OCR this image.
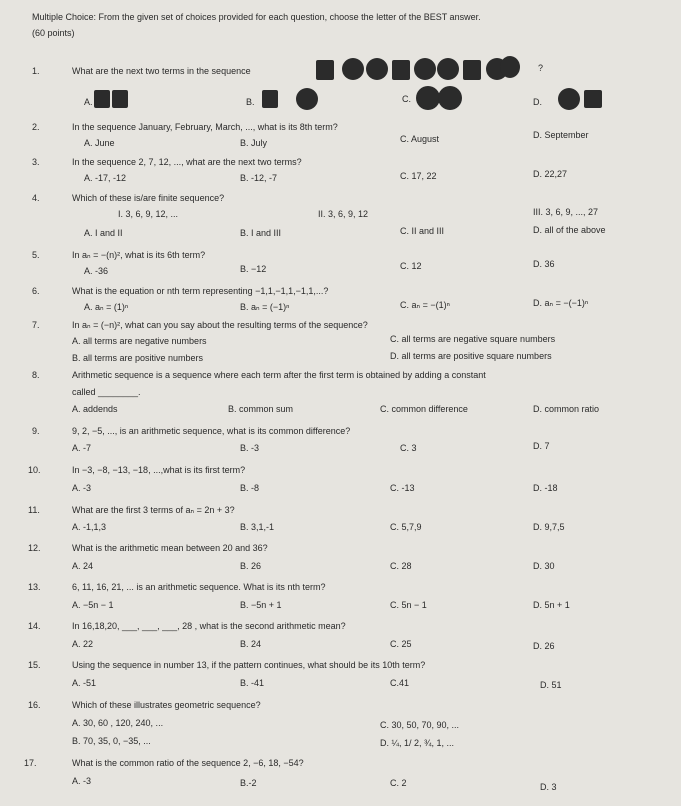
Multiple Choice: From the given set of choices provided for each question, choose the letter of the BEST answer.
(60 points)
1.	What are the next two terms in the sequence	?
A.	B.	C.	D.
2.	In the sequence January, February, March, ..., what is its 8th term?
A. June	B. July	C. August	D. September
3.	In the sequence 2, 7, 12, ..., what are the next two terms?
A. -17, -12	B. -12, -7	C. 17, 22	D. 22,27
4.	Which of these is/are finite sequence?
I. 3, 6, 9, 12, ...	II. 3, 6, 9, 12	III. 3, 6, 9, ..., 27
A. I and II	B. I and III	C. II and III	D. all of the above
5.	In aₙ = −(n)², what is its 6th term?
A. -36	B. −12	C. 12	D. 36
6.	What is the equation or nth term representing −1,1,−1,1,−1,1,...?
A. aₙ = (1)ⁿ	B. aₙ = (−1)ⁿ	C. aₙ = −(1)ⁿ	D. aₙ = −(−1)ⁿ
7.	In aₙ = (−n)², what can you say about the resulting terms of the sequence?
A. all terms are negative numbers	C. all terms are negative square numbers
B. all terms are positive numbers	D. all terms are positive square numbers
8.	Arithmetic sequence is a sequence where each term after the first term is obtained by adding a constant
called ________.
A. addends	B. common sum	C. common difference	D. common ratio
9.	9, 2, −5, ..., is an arithmetic sequence, what is its common difference?
A. -7	B. -3	C. 3	D. 7
10.	In −3, −8, −13, −18, ...,what is its first term?
A. -3	B. -8	C. -13	D. -18
11.	What are the first 3 terms of aₙ = 2n + 3?
A. -1,1,3	B. 3,1,-1	C. 5,7,9	D. 9,7,5
12.	What is the arithmetic mean between 20 and 36?
A. 24	B. 26	C. 28	D. 30
13.	6, 11, 16, 21, ... is an arithmetic sequence. What is its nth term?
A. −5n − 1	B. −5n + 1	C. 5n − 1	D. 5n + 1
14.	In 16,18,20, ___, ___, ___, 28 , what is the second arithmetic mean?
A. 22	B. 24	C. 25	D. 26
15.	Using the sequence in number 13, if the pattern continues, what should be its 10th term?
A. -51	B. -41	C.41	D. 51
16.	Which of these illustrates geometric sequence?
A. 30, 60 , 120, 240, ...	C. 30, 50, 70, 90, ...
B. 70, 35, 0, −35, ...	D. ¼, 1/ 2, ¾, 1, ...
17.	What is the common ratio of the sequence 2, −6, 18, −54?
A. -3	B.-2	C. 2	D. 3
